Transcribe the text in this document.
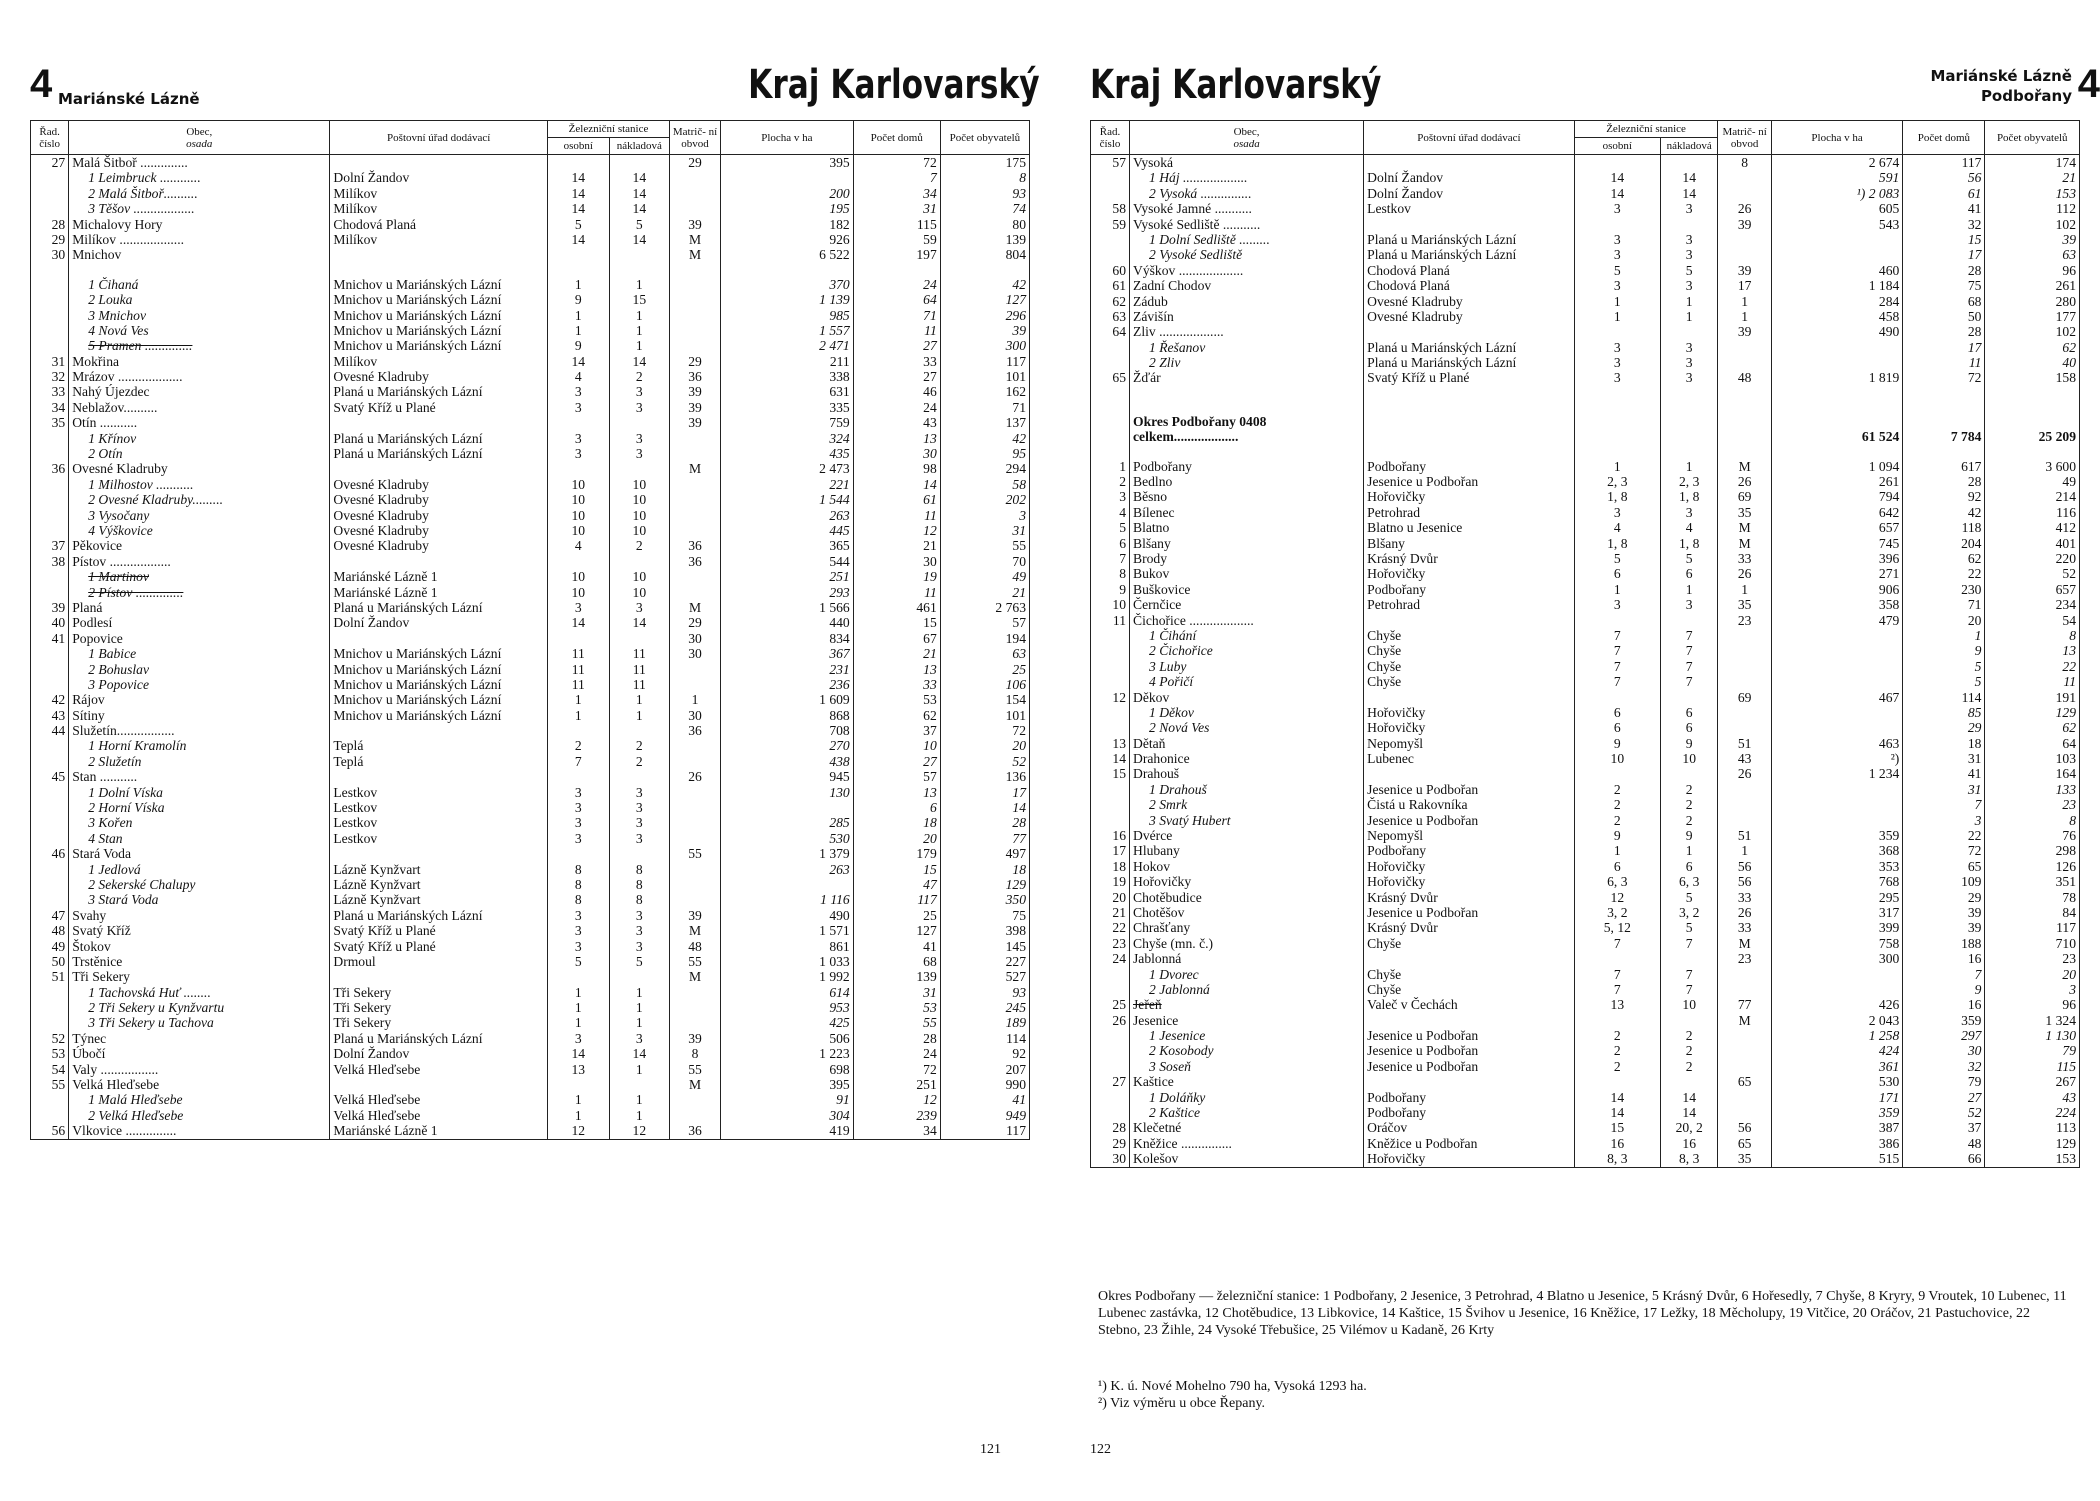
4 Mariánské Lázně	Kraj Karlovarský
Řad. číslo	Obec,
osada	Poštovní úřad dodávací	Železniční stanice		Matrič- ní obvod	Plocha v ha	Počet domů	Počet obyvatelů
			osobní	nákladová				
27	Malá Šitboř ..............				29	395	72	175
	1 Leimbruck ............	Dolní Žandov	14	14			7	8
	2 Malá Šitboř..........	Milíkov	14	14		200	34	93
	3 Těšov ..................	Milíkov	14	14		195	31	74
28	Michalovy Hory	Chodová Planá	5	5	39	182	115	80
29	Milíkov ...................	Milíkov	14	14	M	926	59	139
30	Mnichov				M	6 522	197	804

	1 Čihaná	Mnichov u Mariánských Lázní	1	1		370	24	42
	2 Louka	Mnichov u Mariánských Lázní	9	15		1 139	64	127
	3 Mnichov	Mnichov u Mariánských Lázní	1	1		985	71	296
	4 Nová Ves	Mnichov u Mariánských Lázní	1	1		1 557	11	39
	5 Pramen ..............	Mnichov u Mariánských Lázní	9	1		2 471	27	300
31	Mokřina	Milíkov	14	14	29	211	33	117
32	Mrázov ...................	Ovesné Kladruby	4	2	36	338	27	101
33	Nahý Újezdec	Planá u Mariánských Lázní	3	3	39	631	46	162
34	Neblažov..........	Svatý Kříž u Plané	3	3	39	335	24	71
35	Otín ...........				39	759	43	137
	1 Křínov	Planá u Mariánských Lázní	3	3		324	13	42
	2 Otín	Planá u Mariánských Lázní	3	3		435	30	95
36	Ovesné Kladruby				M	2 473	98	294
	1 Milhostov ...........	Ovesné Kladruby	10	10		221	14	58
	2 Ovesné Kladruby.........	Ovesné Kladruby	10	10		1 544	61	202
	3 Vysočany	Ovesné Kladruby	10	10		263	11	3
	4 Výškovice	Ovesné Kladruby	10	10		445	12	31
37	Pěkovice	Ovesné Kladruby	4	2	36	365	21	55
38	Pístov ..................				36	544	30	70
	1 Martinov	Mariánské Lázně 1	10	10		251	19	49
	2 Pístov ..............	Mariánské Lázně 1	10	10		293	11	21
39	Planá	Planá u Mariánských Lázní	3	3	M	1 566	461	2 763
40	Podlesí	Dolní Žandov	14	14	29	440	15	57
41	Popovice				30	834	67	194
	1 Babice	Mnichov u Mariánských Lázní	11	11	30	367	21	63
	2 Bohuslav	Mnichov u Mariánských Lázní	11	11		231	13	25
	3 Popovice	Mnichov u Mariánských Lázní	11	11		236	33	106
42	Rájov	Mnichov u Mariánských Lázní	1	1	1	1 609	53	154
43	Sítiny	Mnichov u Mariánských Lázní	1	1	30	868	62	101
44	Služetín.................				36	708	37	72
	1 Horní Kramolín	Teplá	2	2		270	10	20
	2 Služetín	Teplá	7	2		438	27	52
45	Stan ...........				26	945	57	136
	1 Dolní Víska	Lestkov	3	3		130	13	17
	2 Horní Víska	Lestkov	3	3			6	14
	3 Kořen	Lestkov	3	3		285	18	28
	4 Stan	Lestkov	3	3		530	20	77
46	Stará Voda				55	1 379	179	497
	1 Jedlová	Lázně Kynžvart	8	8		263	15	18
	2 Sekerské Chalupy	Lázně Kynžvart	8	8			47	129
	3 Stará Voda	Lázně Kynžvart	8	8		1 116	117	350
47	Svahy	Planá u Mariánských Lázní	3	3	39	490	25	75
48	Svatý Kříž	Svatý Kříž u Plané	3	3	M	1 571	127	398
49	Štokov	Svatý Kříž u Plané	3	3	48	861	41	145
50	Trstěnice	Drmoul	5	5	55	1 033	68	227
51	Tři Sekery				M	1 992	139	527
	1 Tachovská Huť ........	Tři Sekery	1	1		614	31	93
	2 Tři Sekery u Kynžvartu	Tři Sekery	1	1		953	53	245
	3 Tři Sekery u Tachova	Tři Sekery	1	1		425	55	189
52	Týnec	Planá u Mariánských Lázní	3	3	39	506	28	114
53	Úbočí	Dolní Žandov	14	14	8	1 223	24	92
54	Valy .................	Velká Hleďsebe	13	1	55	698	72	207
55	Velká Hleďsebe				M	395	251	990
	1 Malá Hleďsebe	Velká Hleďsebe	1	1		91	12	41
	2 Velká Hleďsebe	Velká Hleďsebe	1	1		304	239	949
56	Vlkovice ...............	Mariánské Lázně 1	12	12	36	419	34	117
121
Kraj Karlovarský	Mariánské Lázně
Podbořany 4
Řad. číslo	Obec,
osada	Poštovní úřad dodávací	Železniční stanice		Matrič- ní obvod	Plocha v ha	Počet domů	Počet obyvatelů
			osobní	nákladová				
57	Vysoká				8	2 674	117	174
	1 Háj ...................	Dolní Žandov	14	14		591	56	21
	2 Vysoká ...............	Dolní Žandov	14	14		¹) 2 083	61	153
58	Vysoké Jamné ...........	Lestkov	3	3	26	605	41	112
59	Vysoké Sedliště ...........				39	543	32	102
	1 Dolní Sedliště .........	Planá u Mariánských Lázní	3	3			15	39
	2 Vysoké Sedliště	Planá u Mariánských Lázní	3	3			17	63
60	Výškov ...................	Chodová Planá	5	5	39	460	28	96
61	Zadní Chodov	Chodová Planá	3	3	17	1 184	75	261
62	Zádub	Ovesné Kladruby	1	1	1	284	68	280
63	Závišín	Ovesné Kladruby	1	1	1	458	50	177
64	Zliv ...................				39	490	28	102
	1 Řešanov	Planá u Mariánských Lázní	3	3			17	62
	2 Zliv	Planá u Mariánských Lázní	3	3			11	40
65	Žďár	Svatý Kříž u Plané	3	3	48	1 819	72	158

	Okres Podbořany 0408							
	celkem...................					61 524	7 784	25 209

1	Podbořany	Podbořany	1	1	M	1 094	617	3 600
2	Bedlno	Jesenice u Podbořan	2, 3	2, 3	26	261	28	49
3	Běsno	Hořovičky	1, 8	1, 8	69	794	92	214
4	Bílenec	Petrohrad	3	3	35	642	42	116
5	Blatno	Blatno u Jesenice	4	4	M	657	118	412
6	Blšany	Blšany	1, 8	1, 8	M	745	204	401
7	Brody	Krásný Dvůr	5	5	33	396	62	220
8	Bukov	Hořovičky	6	6	26	271	22	52
9	Buškovice	Podbořany	1	1	1	906	230	657
10	Černčice	Petrohrad	3	3	35	358	71	234
11	Čichořice ...................				23	479	20	54
	1 Čihání	Chyše	7	7			1	8
	2 Čichořice	Chyše	7	7			9	13
	3 Luby	Chyše	7	7			5	22
	4 Pořičí	Chyše	7	7			5	11
12	Děkov				69	467	114	191
	1 Děkov	Hořovičky	6	6			85	129
	2 Nová Ves	Hořovičky	6	6			29	62
13	Dětaň	Nepomyšl	9	9	51	463	18	64
14	Drahonice	Lubenec	10	10	43	²)	31	103
15	Drahouš				26	1 234	41	164
	1 Drahouš	Jesenice u Podbořan	2	2			31	133
	2 Smrk	Čistá u Rakovníka	2	2			7	23
	3 Svatý Hubert	Jesenice u Podbořan	2	2			3	8
16	Dvérce	Nepomyšl	9	9	51	359	22	76
17	Hlubany	Podbořany	1	1	1	368	72	298
18	Hokov	Hořovičky	6	6	56	353	65	126
19	Hořovičky	Hořovičky	6, 3	6, 3	56	768	109	351
20	Chotěbudice	Krásný Dvůr	12	5	33	295	29	78
21	Chotěšov	Jesenice u Podbořan	3, 2	3, 2	26	317	39	84
22	Chrašťany	Krásný Dvůr	5, 12	5	33	399	39	117
23	Chyše (mn. č.)	Chyše	7	7	M	758	188	710
24	Jablonná				23	300	16	23
	1 Dvorec	Chyše	7	7			7	20
	2 Jablonná	Chyše	7	7			9	3
25	Jeřeň	Valeč v Čechách	13	10	77	426	16	96
26	Jesenice				M	2 043	359	1 324
	1 Jesenice	Jesenice u Podbořan	2	2		1 258	297	1 130
	2 Kosobody	Jesenice u Podbořan	2	2		424	30	79
	3 Soseň	Jesenice u Podbořan	2	2		361	32	115
27	Kaštice				65	530	79	267
	1 Doláňky	Podbořany	14	14		171	27	43
	2 Kaštice	Podbořany	14	14		359	52	224
28	Klečetné	Oráčov	15	20, 2	56	387	37	113
29	Kněžice ...............	Kněžice u Podbořan	16	16	65	386	48	129
30	Kolešov	Hořovičky	8, 3	8, 3	35	515	66	153
Okres Podbořany — železniční stanice: 1 Podbořany, 2 Jesenice, 3 Petrohrad, 4 Blatno u Jesenice, 5 Krásný Dvůr, 6 Hořesedly, 7 Chyše, 8 Kryry, 9 Vroutek, 10 Lubenec, 11 Lubenec zastávka, 12 Chotěbudice, 13 Libkovice, 14 Kaštice, 15 Švihov u Jesenice, 16 Kněžice, 17 Ležky, 18 Měcholupy, 19 Vitčice, 20 Oráčov, 21 Pastuchovice, 22 Stebno, 23 Žihle, 24 Vysoké Třebušice, 25 Vilémov u Kadaně, 26 Krty
¹) K. ú. Nové Mohelno 790 ha, Vysoká 1293 ha.
²) Viz výměru u obce Řepany.
122
